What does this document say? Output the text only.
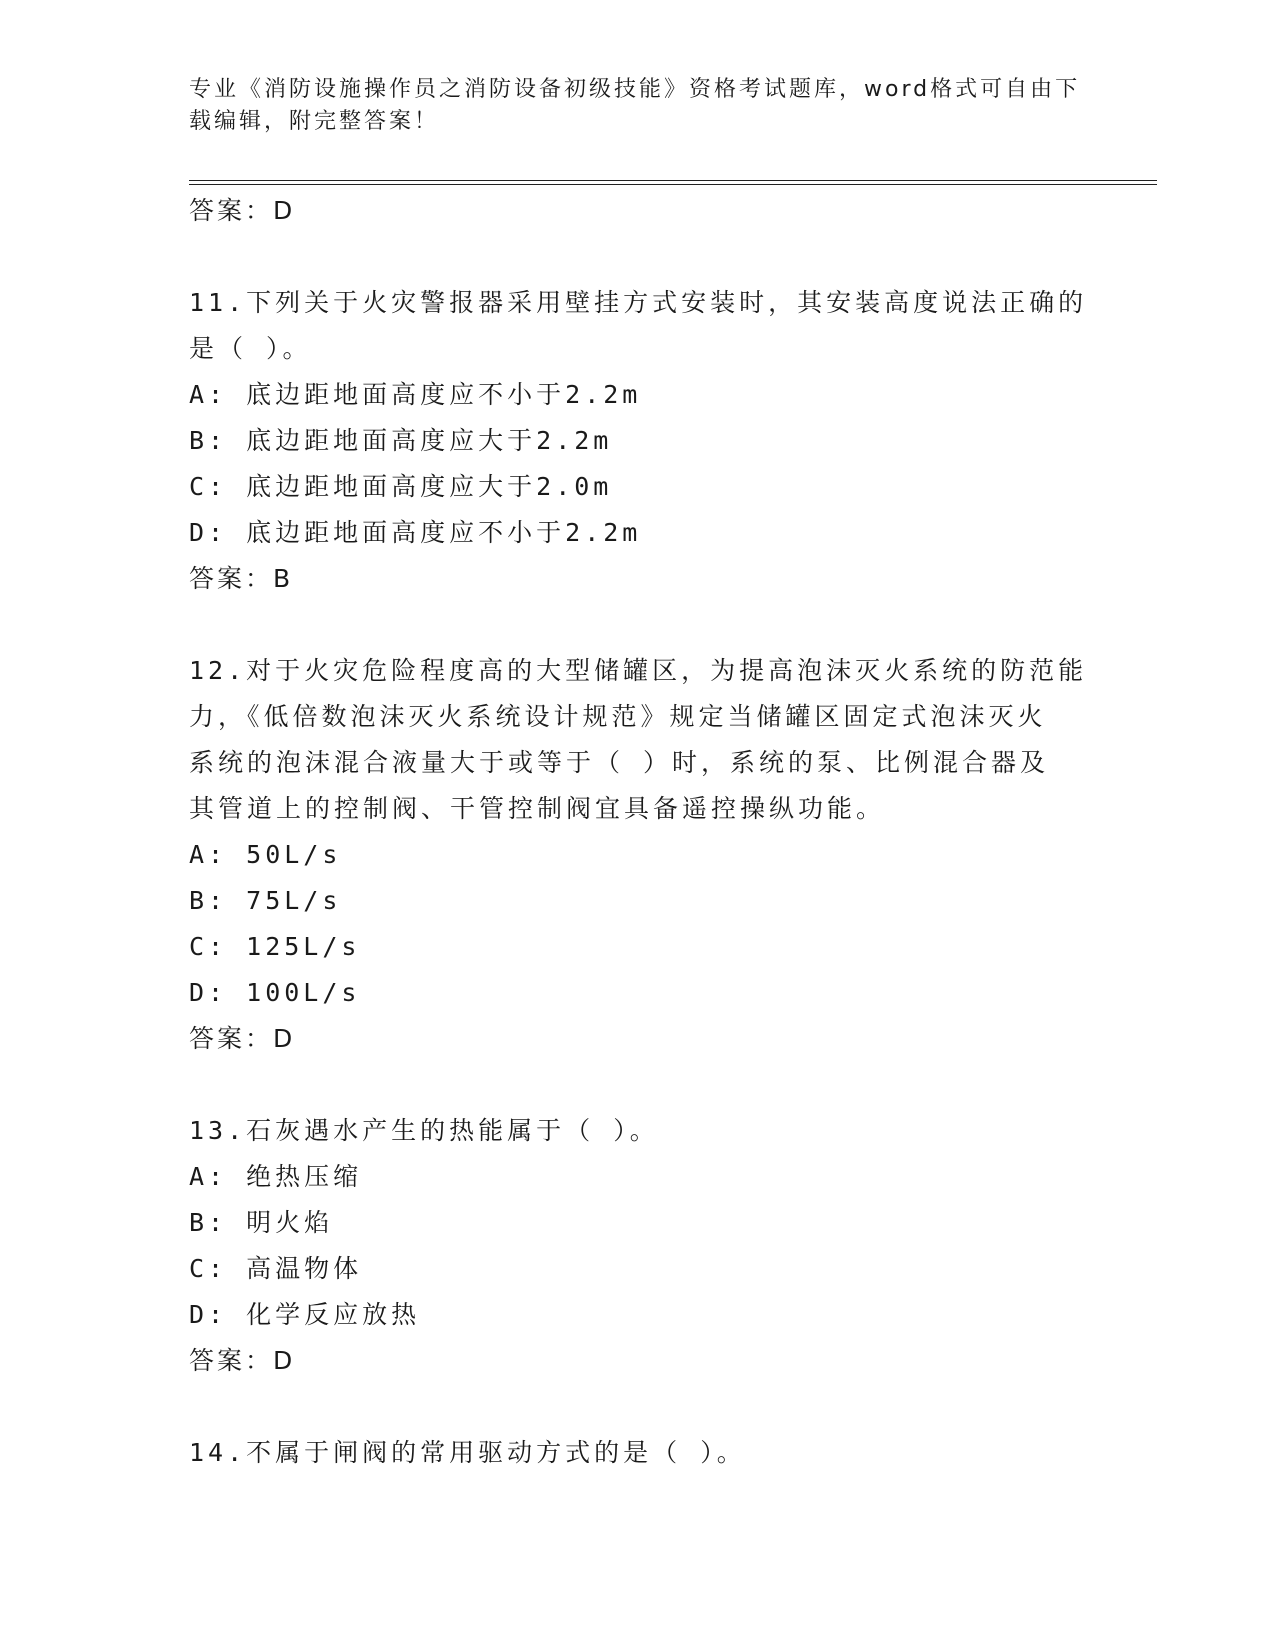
专业《消防设施操作员之消防设备初级技能》资格考试题库，word格式可自由下载编辑，附完整答案！
答案：D
11.下列关于火灾警报器采用壁挂方式安装时，其安装高度说法正确的
是（ ）。
A: 底边距地面高度应不小于2.2m
B: 底边距地面高度应大于2.2m
C: 底边距地面高度应大于2.0m
D: 底边距地面高度应不小于2.2m
答案：B
12.对于火灾危险程度高的大型储罐区，为提高泡沫灭火系统的防范能
力，《低倍数泡沫灭火系统设计规范》规定当储罐区固定式泡沫灭火
系统的泡沫混合液量大于或等于（ ）时，系统的泵、比例混合器及
其管道上的控制阀、干管控制阀宜具备遥控操纵功能。
A: 50L/s
B: 75L/s
C: 125L/s
D: 100L/s
答案：D
13.石灰遇水产生的热能属于（ ）。
A: 绝热压缩
B: 明火焰
C: 高温物体
D: 化学反应放热
答案：D
14.不属于闸阀的常用驱动方式的是（ ）。
